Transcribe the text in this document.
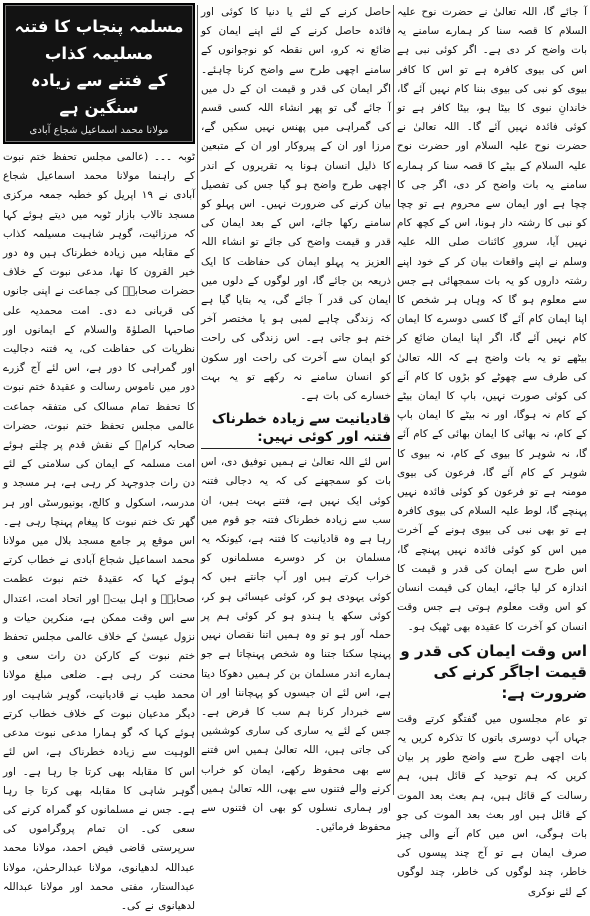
آ جائے گا، اللہ تعالیٰ نے حضرت نوح علیہ السلام کا قصہ سنا کر ہمارے سامنے یہ بات واضح کر دی ہے۔ اگر کوئی نبی ہے اس کی بیوی کافرہ ہے تو اس کا کافر بیوی کو نبی کی بیوی بننا کام نہیں آئے گا، خاندانِ نبوی کا بیٹا ہو، بیٹا کافر ہے تو کوئی فائدہ نہیں آئے گا۔ اللہ تعالیٰ نے حضرت نوح علیہ السلام اور حضرت نوح علیہ السلام کے بیٹے کا قصہ سنا کر ہمارے سامنے یہ بات واضح کر دی، اگر جی کا چچا ہے اور ایمان سے محروم ہے تو چچا کو نبی کا رشتہ دار ہونا، اس کے کچھ کام نہیں آیا، سرورِ کائنات صلی اللہ علیہ وسلم نے اپنے واقعات بیان کر کے خود اپنے رشتہ داروں کو یہ بات سمجھائی ہے جس سے معلوم ہو گا کہ وہاں ہر شخص کا اپنا ایمان کام آئے گا کسی دوسرے کا ایمان کام نہیں آئے گا، اگر اپنا ایمان ضائع کر بیٹھے تو یہ بات واضح ہے کہ اللہ تعالیٰ کی طرف سے چھوٹے کو بڑوں کا کام آنے کی کوئی صورت نہیں، باپ کا ایمان بیٹے کے کام نہ ہوگا، اور نہ بیٹے کا ایمان باپ کے کام، نہ بھائی کا ایمان بھائی کے کام آئے گا، نہ شوہر کا بیوی کے کام، نہ بیوی کا شوہر کے کام آئے گا، فرعون کی بیوی مومنہ ہے تو فرعون کو کوئی فائدہ نہیں پہنچے گا، لوط علیہ السلام کی بیوی کافرہ ہے تو بھی نبی کی بیوی ہونے کے آخرت میں اس کو کوئی فائدہ نہیں پہنچے گا، اس طرح سے ایمان کی قدر و قیمت کا اندازہ کر لیا جائے، ایمان کی قیمت انسان کو اس وقت معلوم ہوتی ہے جس وقت انسان کو آخرت کا عقیدہ بھی ٹھیک ہو۔

اس وقت ایمان کی قدر و قیمت اجاگر کرنے کی ضرورت ہے:

تو عام مجلسوں میں گفتگو کرتے وقت جہاں آپ دوسری باتوں کا تذکرہ کریں یہ بات اچھی طرح سے واضح طور پر بیان کریں کہ ہم توحید کے قائل ہیں، ہم رسالت کے قائل ہیں، ہم بعث بعد الموت کے قائل ہیں اور بعث بعد الموت کی جو بات ہوگی، اس میں کام آنے والی چیز صرف ایمان ہے تو آج چند پیسوں کی خاطر، چند لوگوں کی خاطر، چند لوگوں کے لئے نوکری

حاصل کرنے کے لئے یا دنیا کا کوئی اور فائدہ حاصل کرنے کے لئے اپنے ایمان کو ضائع نہ کرو، اس نقطہ کو نوجوانوں کے سامنے اچھی طرح سے واضح کرنا چاہئے۔ اگر ایمان کی قدر و قیمت ان کے دل میں آ جائے گی تو پھر انشاء اللہ کسی قسم کی گمراہی میں پھنس نہیں سکیں گے، مرزا اور ان کے پیروکار اور ان کے متبعین کا ذلیل انسان ہونا یہ تقریروں کے اندر اچھی طرح واضح ہو گیا جس کی تفصیل بیان کرنے کی ضرورت نہیں۔ اس پہلو کو سامنے رکھا جائے، اس کے بعد ایمان کی قدر و قیمت واضح کی جائے تو انشاء اللہ العزیز یہ پہلو ایمان کی حفاظت کا ایک ذریعہ بن جائے گا، اور لوگوں کے دلوں میں ایمان کی قدر آ جائے گی، یہ بتایا گیا ہے کہ زندگی چاہے لمبی ہو یا مختصر آخر ختم ہو جاتی ہے۔ اس زندگی کی راحت کو ایمان سے آخرت کی راحت اور سکون کو انسان سامنے نہ رکھے تو یہ بہت خسارے کی بات ہے۔

قادیانیت سے زیادہ خطرناک فتنہ اور کوئی نہیں:

اس لئے اللہ تعالیٰ نے ہمیں توفیق دی، اس بات کو سمجھنے کی کہ یہ دجالی فتنہ کوئی ایک نہیں ہے، فتنے بہت ہیں، ان سب سے زیادہ خطرناک فتنہ جو قوم میں رہا ہے وہ قادیانیت کا فتنہ ہے، کیونکہ یہ مسلمان بن کر دوسرے مسلمانوں کو خراب کرتے ہیں اور آپ جانتے ہیں کہ کوئی یہودی ہو کر، کوئی عیسائی ہو کر، کوئی سکھ یا ہندو ہو کر کوئی ہم پر حملہ آور ہو تو وہ ہمیں اتنا نقصان نہیں پہنچا سکتا جتنا وہ شخص پہنچاتا ہے جو ہمارے اندر مسلمان بن کر ہمیں دھوکا دیتا ہے، اس لئے ان جیسوں کو پہچاننا اور ان سے خبردار کرنا ہم سب کا فرض ہے۔ جس کے لئے یہ ساری کی ساری کوششیں کی جاتی ہیں، اللہ تعالیٰ ہمیں اس فتنے سے بھی محفوظ رکھے، ایمان کو خراب کرنے والے فتنوں سے بھی، اللہ تعالیٰ ہمیں اور ہماری نسلوں کو بھی ان فتنوں سے محفوظ فرمائیں۔

مسلمہ پنجاب کا فتنہ مسلیمہ کذاب
کے فتنے سے زیادہ سنگین ہے
مولانا محمد اسماعیل شجاع آبادی

ٹوبہ ۔۔۔ (عالمی مجلس تحفظ ختم نبوت کے راہنما مولانا محمد اسماعیل شجاع آبادی نے ۱۹ اپریل کو خطبہ جمعہ مرکزی مسجد تالاب بازار ٹوبہ میں دیتے ہوئے کہا کہ مرزائیت، گوہر شاہیت مسیلمہ کذاب کے مقابلہ میں زیادہ خطرناک ہیں وہ دور خیر القرون کا تھا، مدعی نبوت کے خلاف حضرات صحابہؓ کی جماعت نے اپنی جانوں کی قربانی دے دی۔ امت محمدیہ علی صاحبہا الصلوٰۃ والسلام کے ایمانوں اور نظریات کی حفاظت کی، یہ فتنہ دجالیت اور گمراہی کا دور ہے، اس لئے آج گزرے دور میں ناموس رسالت و عقیدۂ ختم نبوت کا تحفظ تمام مسالک کی متفقہ جماعت عالمی مجلس تحفظ ختم نبوت، حضرات صحابہ کرامؓ کے نقش قدم پر چلتے ہوئے امت مسلمہ کے ایمان کی سلامتی کے لئے دن رات جدوجہد کر رہی ہے، ہر مسجد و مدرسہ، اسکول و کالج، یونیورسٹی اور ہر گھر تک ختم نبوت کا پیغام پہنچا رہی ہے۔ اس موقع پر جامع مسجد بلال میں مولانا محمد اسماعیل شجاع آبادی نے خطاب کرتے ہوئے کہا کہ عقیدۂ ختم نبوت عظمت صحابہؓ و اہل بیتؓ اور اتحاد امت، اعتدال سے اس وقت ممکن ہے، منکرین حیات و نزول عیسیٰ کے خلاف عالمی مجلس تحفظ ختم نبوت کے کارکن دن رات سعی و محنت کر رہی ہے۔ ضلعی مبلغ مولانا محمد طیب نے قادیانیت، گوہر شاہیت اور دیگر مدعیان نبوت کے خلاف خطاب کرتے ہوئے کہا کہ گو ہمارا مدعی نبوت مدعی الوہیت سے زیادہ خطرناک ہے، اس لئے اس کا مقابلہ بھی کرتا جا رہا ہے۔ اور گوہر شاہی کا مقابلہ بھی کرتا جا رہا ہے۔ جس نے مسلمانوں کو گمراہ کرنے کی سعی کی۔ ان تمام پروگراموں کی سرپرستی قاضی فیض احمد، مولانا محمد عبداللہ لدھیانوی، مولانا عبدالرحمٰن، مولانا عبدالستار، مفتی محمد اور مولانا عبداللہ لدھیانوی نے کی۔
